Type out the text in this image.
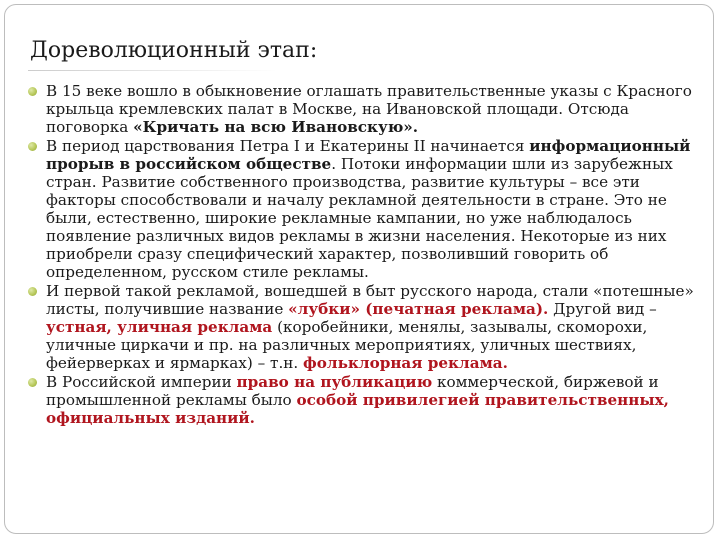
Дореволюционный этап:
В 15 веке вошло в обыкновение оглашать правительственные указы с Красного крыльца кремлевских палат в Москве, на Ивановской площади. Отсюда поговорка «Кричать на всю Ивановскую».
В период царствования Петра I и Екатерины II начинается информационный прорыв в российском обществе. Потоки информации шли из зарубежных стран. Развитие собственного производства, развитие культуры – все эти факторы способствовали и началу рекламной деятельности в стране. Это не были, естественно, широкие рекламные кампании, но уже наблюдалось появление различных видов рекламы в жизни населения. Некоторые из них приобрели сразу специфический характер, позволивший говорить об определенном, русском стиле рекламы.
И первой такой рекламой, вошедшей в быт русского народа, стали «потешные» листы, получившие название «лубки» (печатная реклама). Другой вид – устная, уличная реклама (коробейники, менялы, зазывалы, скоморохи, уличные циркачи и пр. на различных мероприятиях, уличных шествиях, фейерверках и ярмарках) – т.н. фольклорная реклама.
В Российской империи право на публикацию коммерческой, биржевой и промышленной рекламы было особой привилегией правительственных, официальных изданий.
